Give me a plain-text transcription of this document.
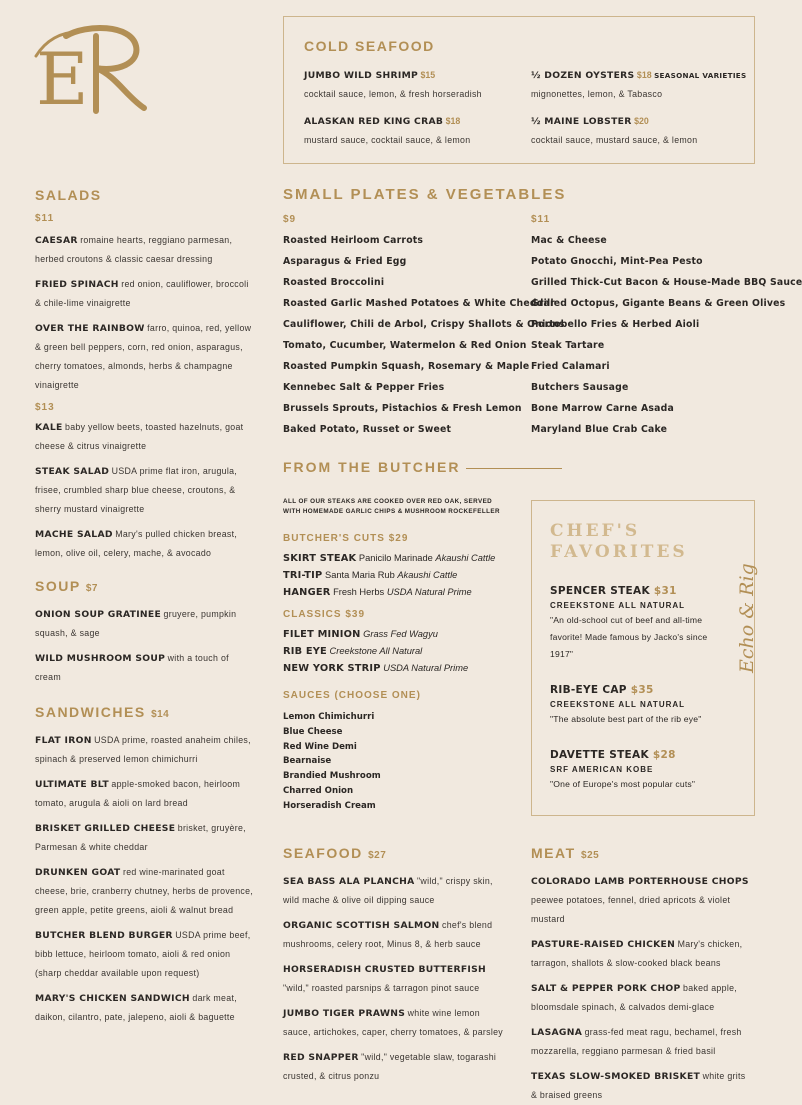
E	COLD SEAFOOD
JUMBO WILD SHRIMP $15
cocktail sauce, lemon, & fresh horseradish
½ DOZEN OYSTERS $18 SEASONAL VARIETIES
mignonettes, lemon, & Tabasco
ALASKAN RED KING CRAB $18
mustard sauce, cocktail sauce, & lemon
½ MAINE LOBSTER $20
cocktail sauce, mustard sauce, & lemon
SALADS
$11
CAESAR romaine hearts, reggiano parmesan, herbed croutons & classic caesar dressing
FRIED SPINACH red onion, cauliflower, broccoli & chile-lime vinaigrette
OVER THE RAINBOW farro, quinoa, red, yellow & green bell peppers, corn, red onion, asparagus, cherry tomatoes, almonds, herbs & champagne vinaigrette
$13
KALE baby yellow beets, toasted hazelnuts, goat cheese & citrus vinaigrette
STEAK SALAD USDA prime flat iron, arugula, frisee, crumbled sharp blue cheese, croutons, & sherry mustard vinaigrette
MACHE SALAD Mary's pulled chicken breast, lemon, olive oil, celery, mache, & avocado
SOUP $7
ONION SOUP GRATINEE gruyere, pumpkin squash, & sage
WILD MUSHROOM SOUP with a touch of cream
SANDWICHES $14
FLAT IRON USDA prime, roasted anaheim chiles, spinach & preserved lemon chimichurri
ULTIMATE BLT apple-smoked bacon, heirloom tomato, arugula & aioli on lard bread
BRISKET GRILLED CHEESE brisket, gruyère, Parmesan & white cheddar
DRUNKEN GOAT red wine-marinated goat cheese, brie, cranberry chutney, herbs de provence, green apple, petite greens, aioli & walnut bread
BUTCHER BLEND BURGER USDA prime beef, bibb lettuce, heirloom tomato, aioli & red onion (sharp cheddar available upon request)
MARY'S CHICKEN SANDWICH dark meat, daikon, cilantro, pate, jalepeno, aioli & baguette
SMALL PLATES & VEGETABLES
$9	$11
Roasted Heirloom Carrots
Asparagus & Fried Egg
Roasted Broccolini
Roasted Garlic Mashed Potatoes & White Cheddar
Cauliflower, Chili de Arbol, Crispy Shallots & Onions
Tomato, Cucumber, Watermelon & Red Onion
Roasted Pumpkin Squash, Rosemary & Maple
Kennebec Salt & Pepper Fries
Brussels Sprouts, Pistachios & Fresh Lemon
Baked Potato, Russet or Sweet
Mac & Cheese
Potato Gnocchi, Mint-Pea Pesto
Grilled Thick-Cut Bacon & House-Made BBQ Sauce
Grilled Octopus, Gigante Beans & Green Olives
Portobello Fries & Herbed Aioli
Steak Tartare
Fried Calamari
Butchers Sausage
Bone Marrow Carne Asada
Maryland Blue Crab Cake
FROM THE BUTCHER
ALL OF OUR STEAKS ARE COOKED OVER RED OAK, SERVED
WITH HOMEMADE GARLIC CHIPS & MUSHROOM ROCKEFELLER
BUTCHER'S CUTS $29
SKIRT STEAK Panicilo Marinade Akaushi Cattle
TRI-TIP Santa Maria Rub Akaushi Cattle
HANGER Fresh Herbs USDA Natural Prime
CLASSICS $39
FILET MINION Grass Fed Wagyu
RIB EYE Creekstone All Natural
NEW YORK STRIP USDA Natural Prime
SAUCES (CHOOSE ONE)
Lemon Chimichurri
Blue Cheese
Red Wine Demi
Bearnaise
Brandied Mushroom
Charred Onion
Horseradish Cream
CHEF'S
FAVORITES
SPENCER STEAK $31
CREEKSTONE ALL NATURAL
"An old-school cut of beef and all-time favorite! Made famous by Jacko's since 1917"
RIB-EYE CAP $35
CREEKSTONE ALL NATURAL
"The absolute best part of the rib eye"
DAVETTE STEAK $28
SRF AMERICAN KOBE
"One of Europe's most popular cuts"
Echo & Rig
SEAFOOD $27
SEA BASS ALA PLANCHA "wild," crispy skin, wild mache & olive oil dipping sauce
ORGANIC SCOTTISH SALMON chef's blend mushrooms, celery root, Minus 8, & herb sauce
HORSERADISH CRUSTED BUTTERFISH "wild," roasted parsnips & tarragon pinot sauce
JUMBO TIGER PRAWNS white wine lemon sauce, artichokes, caper, cherry tomatoes, & parsley
RED SNAPPER "wild," vegetable slaw, togarashi crusted, & citrus ponzu
MEAT $25
COLORADO LAMB PORTERHOUSE CHOPS peewee potatoes, fennel, dried apricots & violet mustard
PASTURE-RAISED CHICKEN Mary's chicken, tarragon, shallots & slow-cooked black beans
SALT & PEPPER PORK CHOP baked apple, bloomsdale spinach, & calvados demi-glace
LASAGNA grass-fed meat ragu, bechamel, fresh mozzarella, reggiano parmesan & fried basil
TEXAS SLOW-SMOKED BRISKET white grits & braised greens
